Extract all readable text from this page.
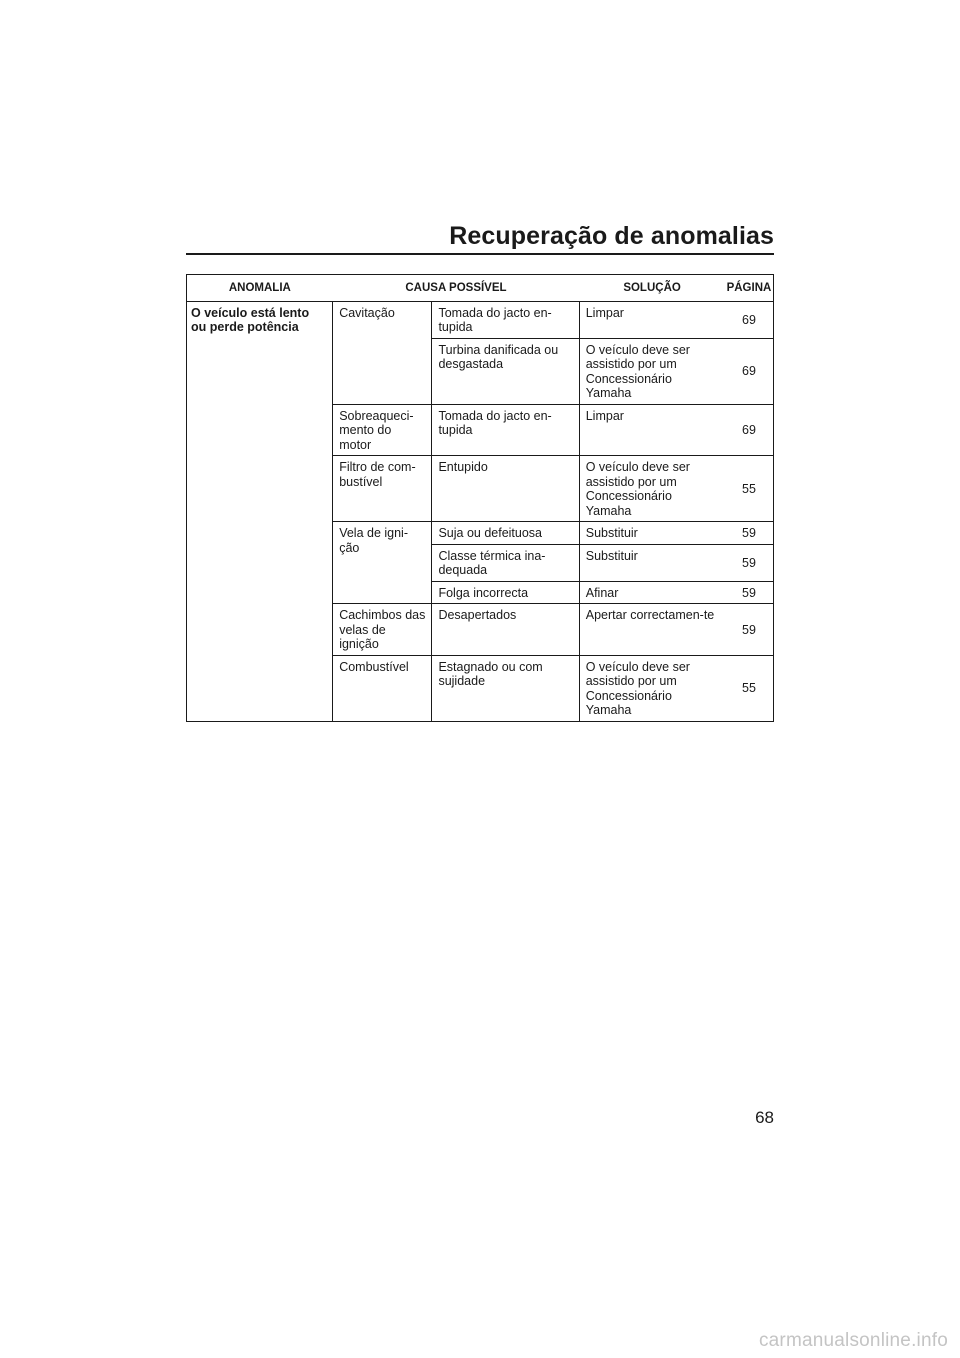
Recuperação de anomalias
ANOMALIA	CAUSA POSSÍVEL		SOLUÇÃO	PÁGINA
O veículo está lento ou perde potência	Cavitação	Tomada do jacto en-tupida	Limpar	69
		Turbina danificada ou desgastada	O veículo deve ser assistido por um Concessionário Yamaha	69
	Sobreaqueci-mento do motor	Tomada do jacto en-tupida	Limpar	69
	Filtro de com-bustível	Entupido	O veículo deve ser assistido por um Concessionário Yamaha	55
	Vela de igni-ção	Suja ou defeituosa	Substituir	59
		Classe térmica ina-dequada	Substituir	59
		Folga incorrecta	Afinar	59
	Cachimbos das velas de ignição	Desapertados	Apertar correctamen-te	59
	Combustível	Estagnado ou com sujidade	O veículo deve ser assistido por um Concessionário Yamaha	55
68
carmanualsonline.info
